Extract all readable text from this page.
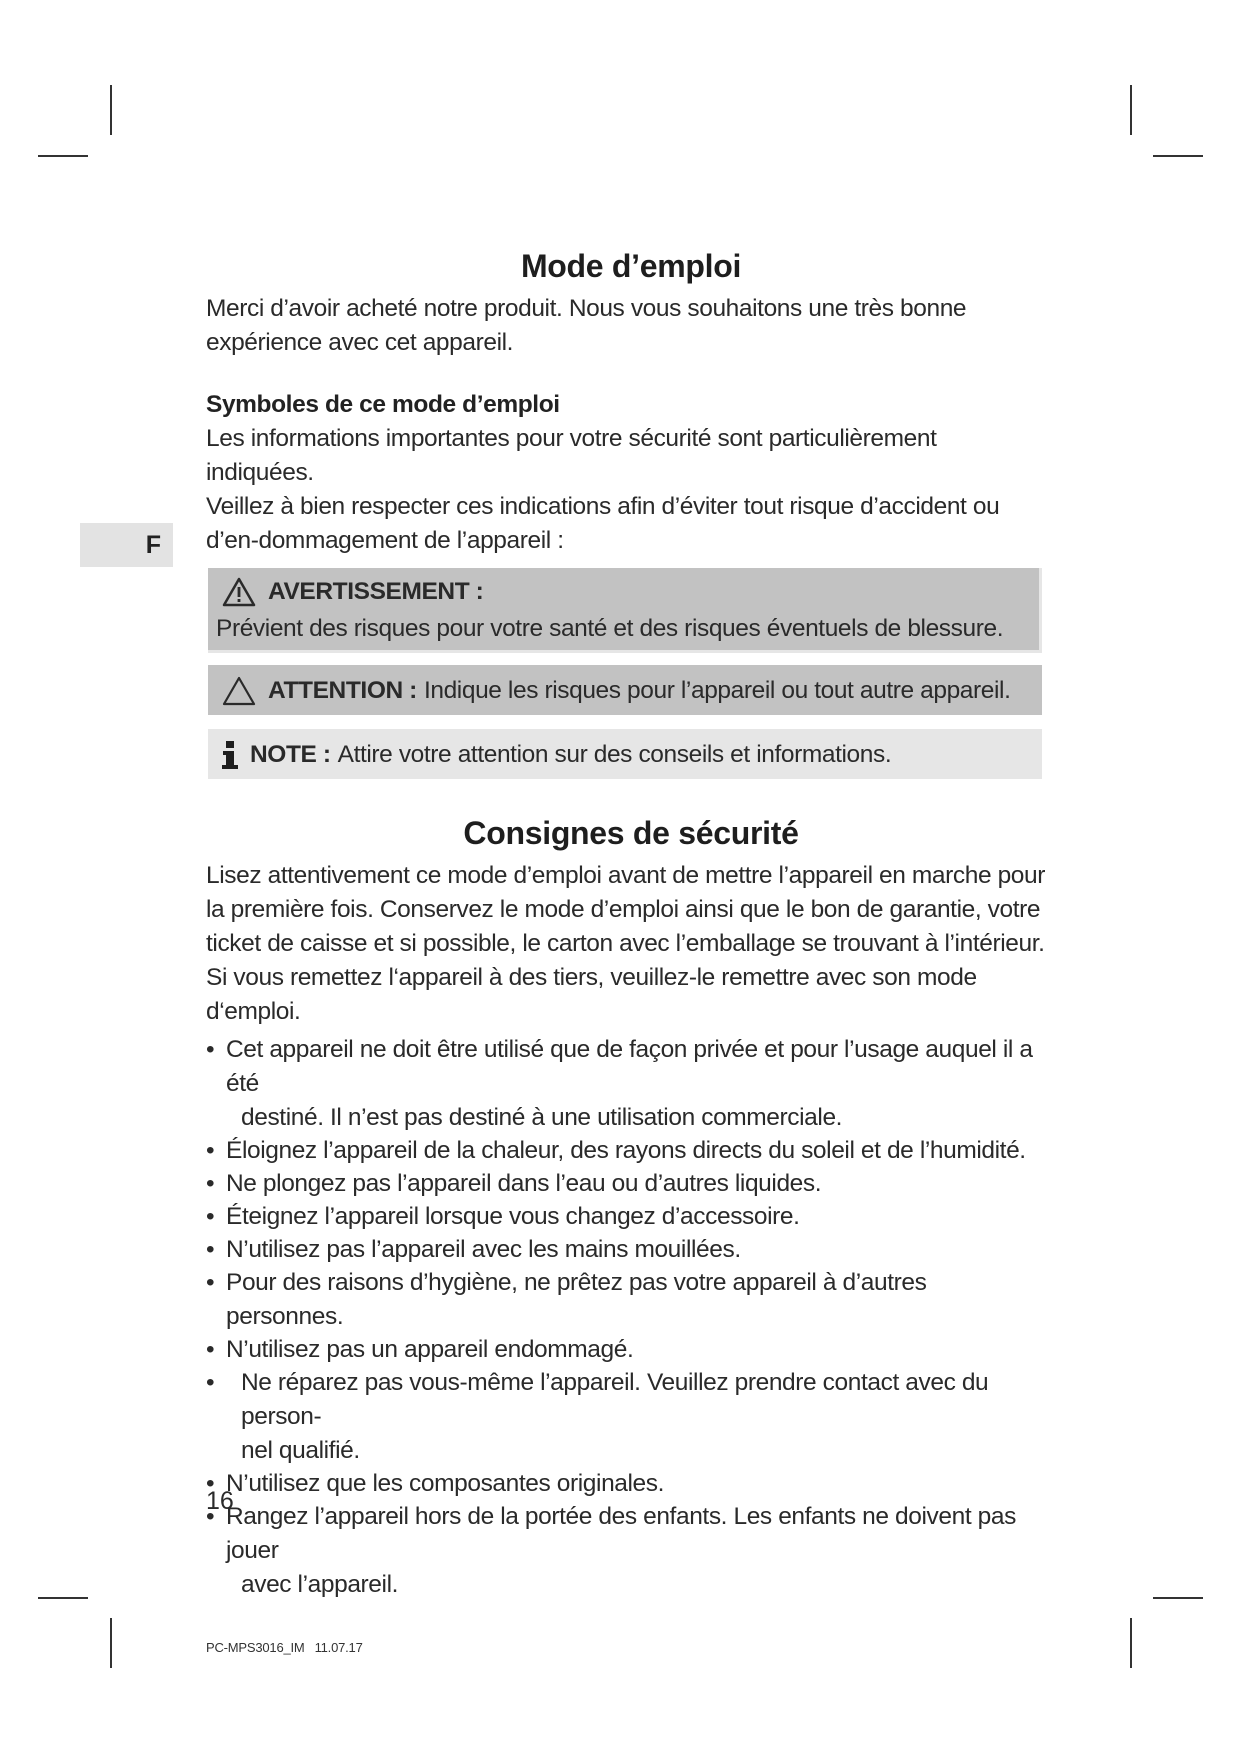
F
Mode d’emploi

Merci d’avoir acheté notre produit. Nous vous souhaitons une très bonne expérience avec cet appareil.

Symboles de ce mode d’emploi

Les informations importantes pour votre sécurité sont particulièrement indiquées.

Veillez à bien respecter ces indications afin d’éviter tout risque d’accident ou d’en-dommagement de l’appareil :

AVERTISSEMENT :

Prévient des risques pour votre santé et des risques éventuels de blessure.

ATTENTION : Indique les risques pour l’appareil ou tout autre appareil.
NOTE : Attire votre attention sur des conseils et informations.
Consignes de sécurité

Lisez attentivement ce mode d’emploi avant de mettre l’appareil en marche pour la première fois. Conservez le mode d’emploi ainsi que le bon de garantie, votre ticket de caisse et si possible, le carton avec l’emballage se trouvant à l’intérieur. Si vous remettez l‘appareil à des tiers, veuillez-le remettre avec son mode d‘emploi.

• Cet appareil ne doit être utilisé que de façon privée et pour l’usage auquel il a été
destiné. Il n’est pas destiné à une utilisation commerciale.
• Éloignez l’appareil de la chaleur, des rayons directs du soleil et de l’humidité.
• Ne plongez pas l’appareil dans l’eau ou d’autres liquides.
• Éteignez l’appareil lorsque vous changez d’accessoire.
• N’utilisez pas l’appareil avec les mains mouillées.
• Pour des raisons d’hygiène, ne prêtez pas votre appareil à d’autres personnes.
• N’utilisez pas un appareil endommagé.
• Ne réparez pas vous-même l’appareil. Veuillez prendre contact avec du person-
nel qualifié.
• N’utilisez que les composantes originales.
• Rangez l’appareil hors de la portée des enfants. Les enfants ne doivent pas jouer
avec l’appareil.
16
PC-MPS3016_IM 11.07.17
